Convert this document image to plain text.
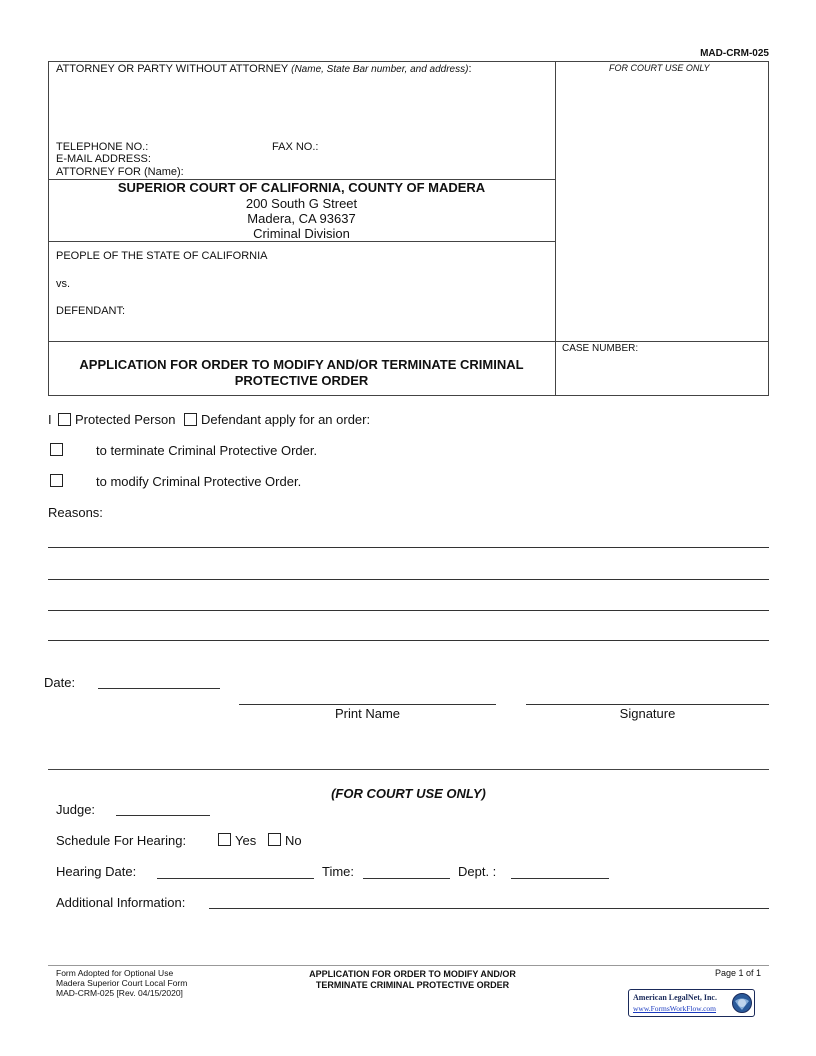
MAD-CRM-025
ATTORNEY OR PARTY WITHOUT ATTORNEY (Name, State Bar number, and address):	FOR COURT USE ONLY
TELEPHONE NO.:	FAX NO.:
E-MAIL ADDRESS:
ATTORNEY FOR (Name):
SUPERIOR COURT OF CALIFORNIA, COUNTY OF MADERA
200 South G Street
Madera, CA 93637
Criminal Division
PEOPLE OF THE STATE OF CALIFORNIA
vs.
DEFENDANT:
APPLICATION FOR ORDER TO MODIFY AND/OR TERMINATE CRIMINAL
PROTECTIVE ORDER
CASE NUMBER:
I Protected Person Defendant apply for an order:
to terminate Criminal Protective Order.
to modify Criminal Protective Order.
Reasons:
Date:
Print Name	Signature
(FOR COURT USE ONLY)
Judge:
Schedule For Hearing:	Yes No
Hearing Date:	Time:	Dept. :
Additional Information:
Form Adopted for Optional Use
Madera Superior Court Local Form
MAD-CRM-025 [Rev. 04/15/2020]
APPLICATION FOR ORDER TO MODIFY AND/OR
TERMINATE CRIMINAL PROTECTIVE ORDER
Page 1 of 1
American LegalNet, Inc.
www.FormsWorkFlow.com
